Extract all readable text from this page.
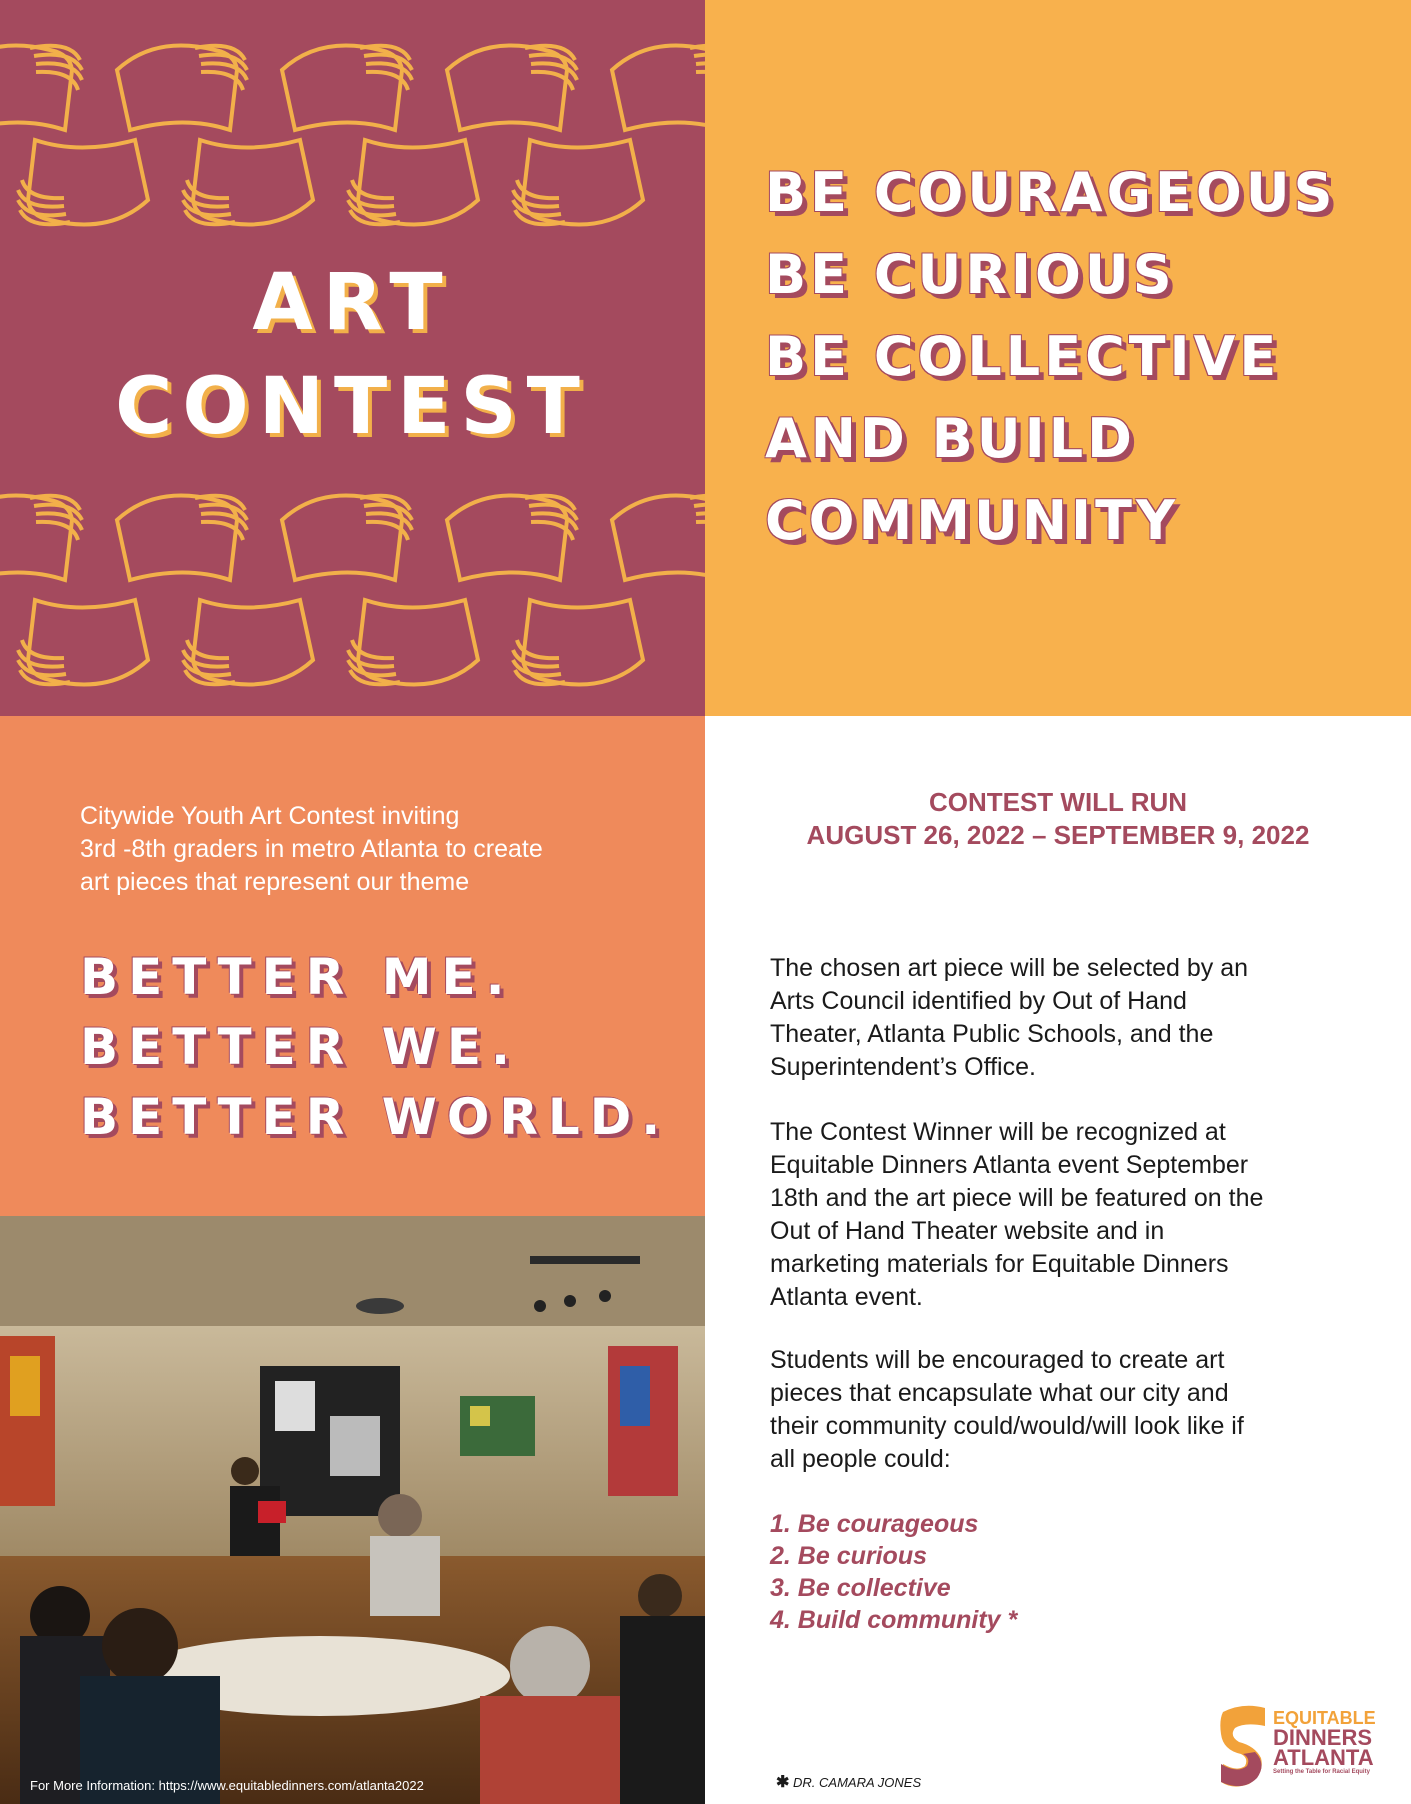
ART
CONTEST
BE COURAGEOUS
BE CURIOUS
BE COLLECTIVE
AND BUILD
COMMUNITY
Citywide Youth Art Contest inviting
3rd -8th graders in metro Atlanta to create
art pieces that represent our theme
BETTER ME.
BETTER WE.
BETTER WORLD.
For More Information: https://www.equitabledinners.com/atlanta2022
CONTEST WILL RUN
AUGUST 26, 2022 – SEPTEMBER 9, 2022
The chosen art piece will be selected by an
Arts Council identified by Out of Hand
Theater, Atlanta Public Schools, and the
Superintendent’s Office.
The Contest Winner will be recognized at
Equitable Dinners Atlanta event September
18th and the art piece will be featured on the
Out of Hand Theater website and in
marketing materials for Equitable Dinners
Atlanta event.
Students will be encouraged to create art
pieces that encapsulate what our city and
their community could/would/will look like if
all people could:
1. Be courageous
2. Be curious
3. Be collective
4. Build community *
✱ DR. CAMARA JONES
EQUITABLE
DINNERS
ATLANTA
Setting the Table for Racial Equity
